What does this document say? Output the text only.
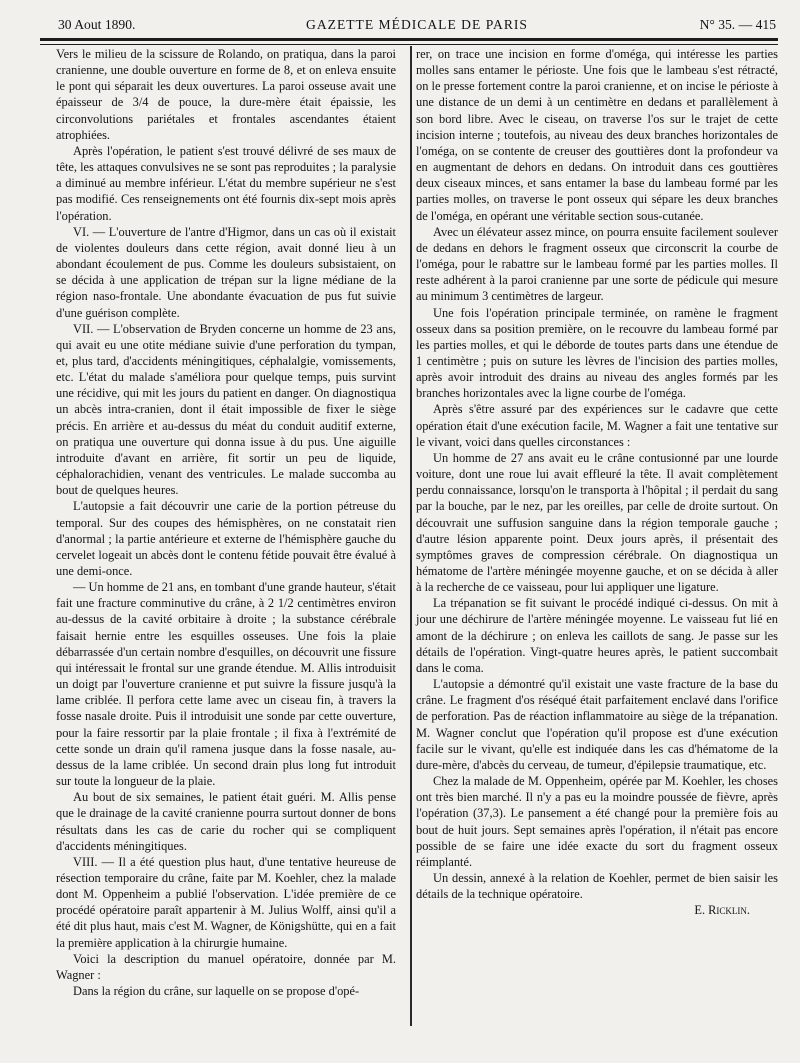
30 Aout 1890.	GAZETTE MÉDICALE DE PARIS	N° 35. — 415

Vers le milieu de la scissure de Rolando, on pratiqua, dans la paroi cranienne, une double ouverture en forme de 8, et on enleva ensuite le pont qui séparait les deux ouvertures. La paroi osseuse avait une épaisseur de 3/4 de pouce, la dure-mère était épaissie, les circonvolutions pariétales et frontales ascendantes étaient atrophiées.

Après l'opération, le patient s'est trouvé délivré de ses maux de tête, les attaques convulsives ne se sont pas reproduites ; la paralysie a diminué au membre inférieur. L'état du membre supérieur ne s'est pas modifié. Ces renseignements ont été fournis dix-sept mois après l'opération.

VI. — L'ouverture de l'antre d'Higmor, dans un cas où il existait de violentes douleurs dans cette région, avait donné lieu à un abondant écoulement de pus. Comme les douleurs subsistaient, on se décida à une application de trépan sur la ligne médiane de la région naso-frontale. Une abondante évacuation de pus fut suivie d'une guérison complète.

VII. — L'observation de Bryden concerne un homme de 23 ans, qui avait eu une otite médiane suivie d'une perforation du tympan, et, plus tard, d'accidents méningitiques, céphalalgie, vomissements, etc. L'état du malade s'améliora pour quelque temps, puis survint une récidive, qui mit les jours du patient en danger. On diagnostiqua un abcès intra-cranien, dont il était impossible de fixer le siège précis. En arrière et au-dessus du méat du conduit auditif externe, on pratiqua une ouverture qui donna issue à du pus. Une aiguille introduite d'avant en arrière, fit sortir un peu de liquide, céphalorachidien, venant des ventricules. Le malade succomba au bout de quelques heures.

L'autopsie a fait découvrir une carie de la portion pétreuse du temporal. Sur des coupes des hémisphères, on ne constatait rien d'anormal ; la partie antérieure et externe de l'hémisphère gauche du cervelet logeait un abcès dont le contenu fétide pouvait être évalué à une demi-once.

— Un homme de 21 ans, en tombant d'une grande hauteur, s'était fait une fracture comminutive du crâne, à 2 1/2 centimètres environ au-dessus de la cavité orbitaire à droite ; la substance cérébrale faisait hernie entre les esquilles osseuses. Une fois la plaie débarrassée d'un certain nombre d'esquilles, on découvrit une fissure qui intéressait le frontal sur une grande étendue. M. Allis introduisit un doigt par l'ouverture cranienne et put suivre la fissure jusqu'à la lame criblée. Il perfora cette lame avec un ciseau fin, à travers la fosse nasale droite. Puis il introduisit une sonde par cette ouverture, pour la faire ressortir par la plaie frontale ; il fixa à l'extrémité de cette sonde un drain qu'il ramena jusque dans la fosse nasale, au-dessus de la lame criblée. Un second drain plus long fut introduit sur toute la longueur de la plaie.

Au bout de six semaines, le patient était guéri. M. Allis pense que le drainage de la cavité cranienne pourra surtout donner de bons résultats dans les cas de carie du rocher qui se compliquent d'accidents méningitiques.

VIII. — Il a été question plus haut, d'une tentative heureuse de résection temporaire du crâne, faite par M. Koehler, chez la malade dont M. Oppenheim a publié l'observation. L'idée première de ce procédé opératoire paraît appartenir à M. Julius Wolff, ainsi qu'il a été dit plus haut, mais c'est M. Wagner, de Königshütte, qui en a fait la première application à la chirurgie humaine.

Voici la description du manuel opératoire, donnée par M. Wagner :

Dans la région du crâne, sur laquelle on se propose d'opé-

rer, on trace une incision en forme d'oméga, qui intéresse les parties molles sans entamer le périoste. Une fois que le lambeau s'est rétracté, on le presse fortement contre la paroi cranienne, et on incise le périoste à une distance de un demi à un centimètre en dedans et parallèlement à son bord libre. Avec le ciseau, on traverse l'os sur le trajet de cette incision interne ; toutefois, au niveau des deux branches horizontales de l'oméga, on se contente de creuser des gouttières dont la profondeur va en augmentant de dehors en dedans. On introduit dans ces gouttières deux ciseaux minces, et sans entamer la base du lambeau formé par les parties molles, on traverse le pont osseux qui sépare les deux branches de l'oméga, en opérant une véritable section sous-cutanée.

Avec un élévateur assez mince, on pourra ensuite facilement soulever de dedans en dehors le fragment osseux que circonscrit la courbe de l'oméga, pour le rabattre sur le lambeau formé par les parties molles. Il reste adhérent à la paroi cranienne par une sorte de pédicule qui mesure au minimum 3 centimètres de largeur.

Une fois l'opération principale terminée, on ramène le fragment osseux dans sa position première, on le recouvre du lambeau formé par les parties molles, et qui le déborde de toutes parts dans une étendue de 1 centimètre ; puis on suture les lèvres de l'incision des parties molles, après avoir introduit des drains au niveau des angles formés par les branches horizontales avec la ligne courbe de l'oméga.

Après s'être assuré par des expériences sur le cadavre que cette opération était d'une exécution facile, M. Wagner a fait une tentative sur le vivant, voici dans quelles circonstances :

Un homme de 27 ans avait eu le crâne contusionné par une lourde voiture, dont une roue lui avait effleuré la tête. Il avait complètement perdu connaissance, lorsqu'on le transporta à l'hôpital ; il perdait du sang par la bouche, par le nez, par les oreilles, par celle de droite surtout. On découvrait une suffusion sanguine dans la région temporale gauche ; d'autre lésion apparente point. Deux jours après, il présentait des symptômes graves de compression cérébrale. On diagnostiqua un hématome de l'artère méningée moyenne gauche, et on se décida à aller à la recherche de ce vaisseau, pour lui appliquer une ligature.

La trépanation se fit suivant le procédé indiqué ci-dessus. On mit à jour une déchirure de l'artère méningée moyenne. Le vaisseau fut lié en amont de la déchirure ; on enleva les caillots de sang. Je passe sur les détails de l'opération. Vingt-quatre heures après, le patient succombait dans le coma.

L'autopsie a démontré qu'il existait une vaste fracture de la base du crâne. Le fragment d'os réséqué était parfaitement enclavé dans l'orifice de perforation. Pas de réaction inflammatoire au siège de la trépanation. M. Wagner conclut que l'opération qu'il propose est d'une exécution facile sur le vivant, qu'elle est indiquée dans les cas d'hématome de la dure-mère, d'abcès du cerveau, de tumeur, d'épilepsie traumatique, etc.

Chez la malade de M. Oppenheim, opérée par M. Koehler, les choses ont très bien marché. Il n'y a pas eu la moindre poussée de fièvre, après l'opération (37,3). Le pansement a été changé pour la première fois au bout de huit jours. Sept semaines après l'opération, il n'était pas encore possible de se faire une idée exacte du sort du fragment osseux réimplanté.

Un dessin, annexé à la relation de Koehler, permet de bien saisir les détails de la technique opératoire.

E. Ricklin.
